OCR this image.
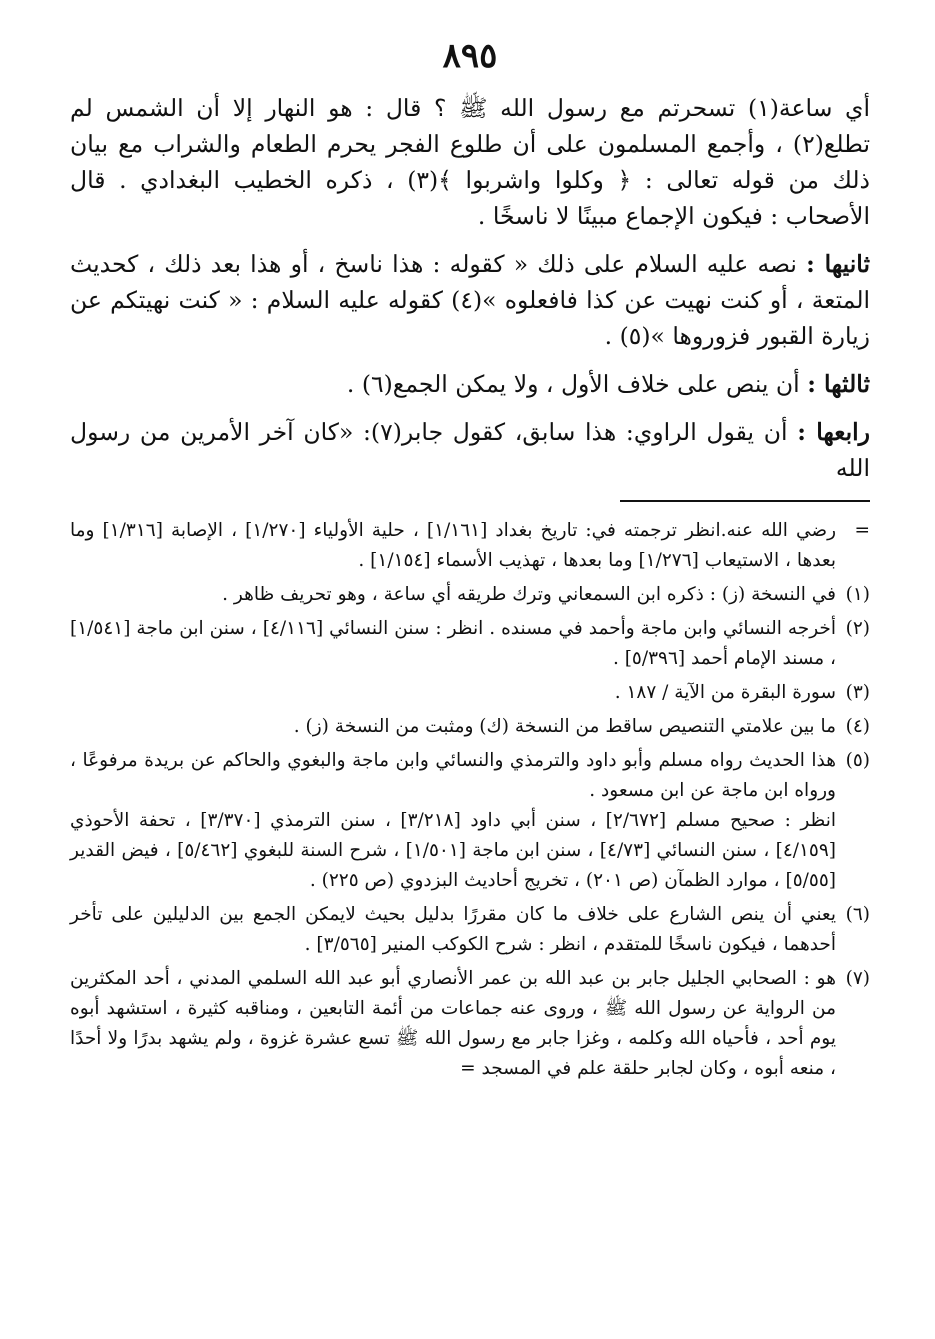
٨٩٥

أي ساعة(١) تسحرتم مع رسول الله ﷺ ؟ قال : هو النهار إلا أن الشمس لم تطلع(٢) ، وأجمع المسلمون على أن طلوع الفجر يحرم الطعام والشراب مع بيان ذلك من قوله تعالى : ﴿ وكلوا واشربوا ﴾(٣) ، ذكره الخطيب البغدادي . قال الأصحاب : فيكون الإجماع مبينًا لا ناسخًا .

ثانيها : نصه عليه السلام على ذلك « كقوله : هذا ناسخ ، أو هذا بعد ذلك ، كحديث المتعة ، أو كنت نهيت عن كذا فافعلوه »(٤) كقوله عليه السلام : « كنت نهيتكم عن زيارة القبور فزوروها »(٥) .

ثالثها : أن ينص على خلاف الأول ، ولا يمكن الجمع(٦) .

رابعها : أن يقول الراوي: هذا سابق، كقول جابر(٧): «كان آخر الأمرين من رسول الله

=

رضي الله عنه.انظر ترجمته في: تاريخ بغداد [١/١٦١] ، حلية الأولياء [١/٢٧٠] ، الإصابة [١/٣١٦] وما بعدها ، الاستيعاب [١/٢٧٦] وما بعدها ، تهذيب الأسماء [١/١٥٤] .

(١)

في النسخة (ز) : ذكره ابن السمعاني وترك طريقه أي ساعة ، وهو تحريف ظاهر .

(٢)

أخرجه النسائي وابن ماجة وأحمد في مسنده . انظر : سنن النسائي [٤/١١٦] ، سنن ابن ماجة [١/٥٤١] ، مسند الإمام أحمد [٥/٣٩٦] .

(٣)

سورة البقرة من الآية / ١٨٧ .

(٤)

ما بين علامتي التنصيص ساقط من النسخة (ك) ومثبت من النسخة (ز) .

(٥)

هذا الحديث رواه مسلم وأبو داود والترمذي والنسائي وابن ماجة والبغوي والحاكم عن بريدة مرفوعًا ، ورواه ابن ماجة عن ابن مسعود .

انظر : صحيح مسلم [٢/٦٧٢] ، سنن أبي داود [٣/٢١٨] ، سنن الترمذي [٣/٣٧٠] ، تحفة الأحوذي [٤/١٥٩] ، سنن النسائي [٤/٧٣] ، سنن ابن ماجة [١/٥٠١] ، شرح السنة للبغوي [٥/٤٦٢] ، فيض القدير [٥/٥٥] ، موارد الظمآن (ص ٢٠١) ، تخريج أحاديث البزدوي (ص ٢٢٥) .

(٦)

يعني أن ينص الشارع على خلاف ما كان مقررًا بدليل بحيث لايمكن الجمع بين الدليلين على تأخر أحدهما ، فيكون ناسخًا للمتقدم ، انظر : شرح الكوكب المنير [٣/٥٦٥] .

(٧)

هو : الصحابي الجليل جابر بن عبد الله بن عمر الأنصاري أبو عبد الله السلمي المدني ، أحد المكثرين من الرواية عن رسول الله ﷺ ، وروى عنه جماعات من أئمة التابعين ، ومناقبه كثيرة ، استشهد أبوه يوم أحد ، فأحياه الله وكلمه ، وغزا جابر مع رسول الله ﷺ تسع عشرة غزوة ، ولم يشهد بدرًا ولا أحدًا ، منعه أبوه ، وكان لجابر حلقة علم في المسجد =
